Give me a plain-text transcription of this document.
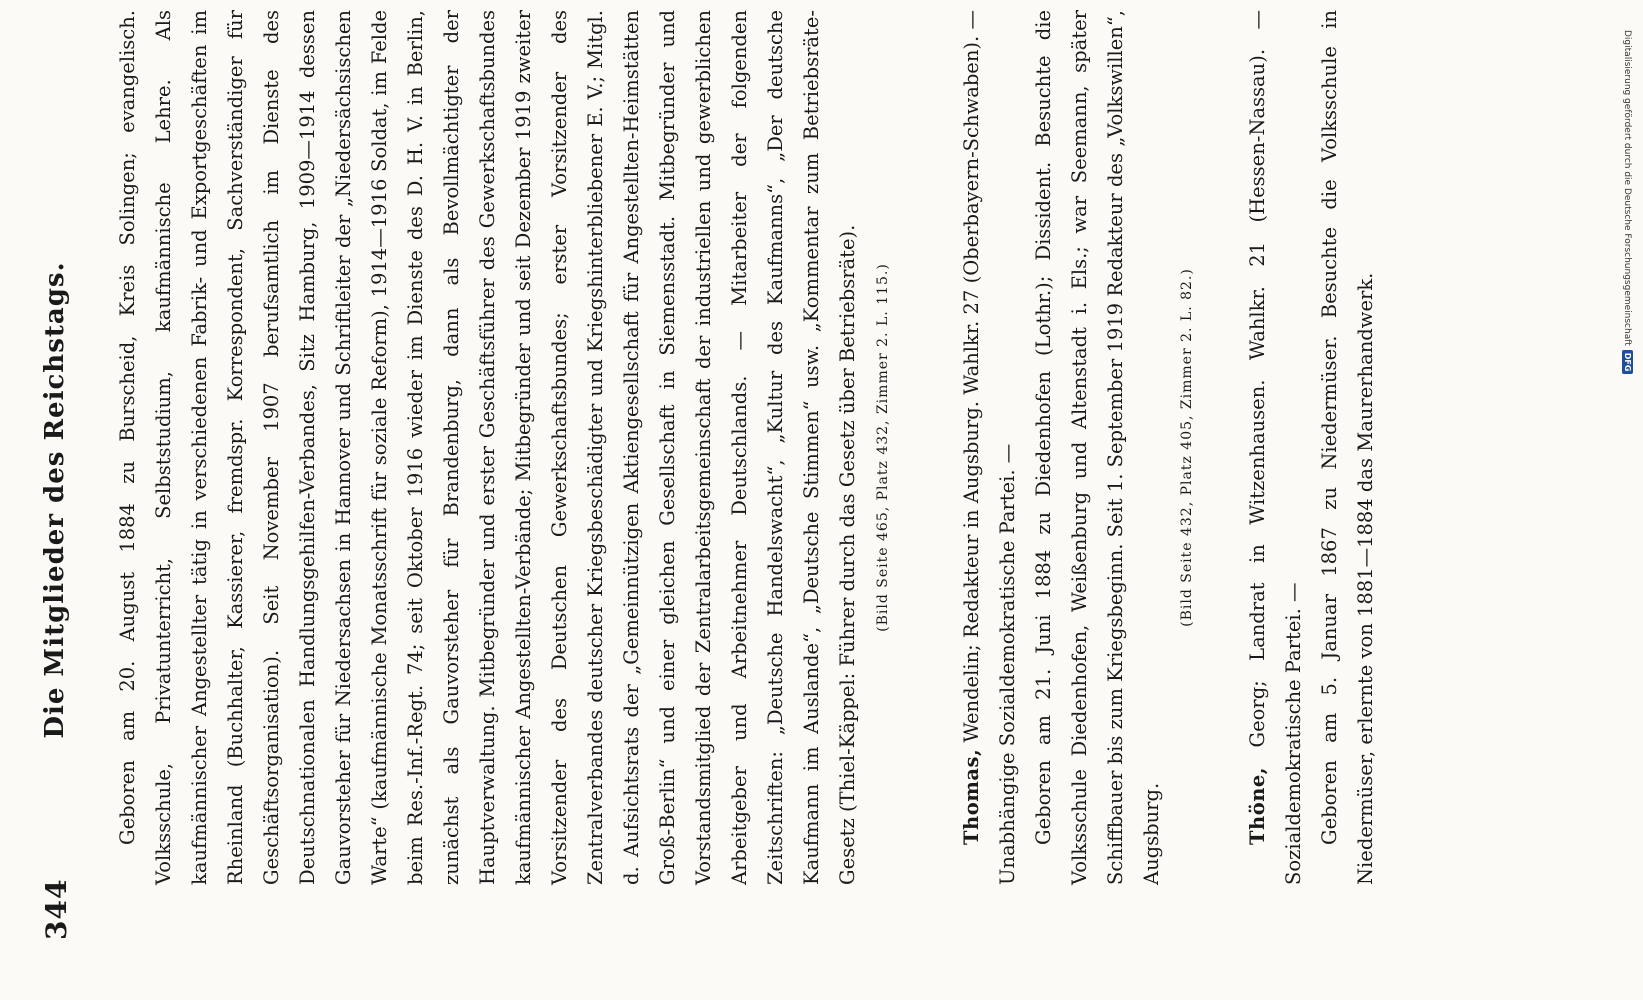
344
Die Mitglieder des Reichstags.	Geboren am 20. August 1884 zu Burscheid, Kreis Solingen; evangelisch. Volksschule, Privatunterricht, Selbststudium, kaufmännische Lehre. Als kaufmännischer Angestellter tätig in verschiedenen Fabrik- und Exportgeschäften im Rheinland (Buchhalter, Kassierer, fremdspr. Korrespondent, Sachverständiger für Geschäftsorganisation). Seit November 1907 berufsamtlich im Dienste des Deutschnationalen Handlungsgehilfen-Verbandes, Sitz Hamburg, 1909—1914 dessen Gauvorsteher für Niedersachsen in Hannover und Schriftleiter der „Niedersächsischen Warte“ (kaufmännische Monatsschrift für soziale Reform), 1914—1916 Soldat, im Felde beim Res.-Inf.-Regt. 74; seit Oktober 1916 wieder im Dienste des D. H. V. in Berlin, zunächst als Gauvorsteher für Brandenburg, dann als Bevollmächtigter der Hauptverwaltung. Mitbegründer und erster Geschäftsführer des Gewerkschaftsbundes kaufmännischer Angestellten-Verbände; Mitbegründer und seit Dezember 1919 zweiter Vorsitzender des Deutschen Gewerkschaftsbundes; erster Vorsitzender des Zentralverbandes deutscher Kriegsbeschädigter und Kriegshinterbliebener E. V.; Mitgl. d. Aufsichtsrats der „Gemeinnützigen Aktiengesellschaft für Angestellten-Heimstätten Groß-Berlin“ und einer gleichen Gesellschaft in Siemensstadt. Mitbegründer und Vorstandsmitglied der Zentralarbeitsgemeinschaft der industriellen und gewerblichen Arbeitgeber und Arbeitnehmer Deutschlands. — Mitarbeiter der folgenden Zeitschriften: „Deutsche Handelswacht“, „Kultur des Kaufmanns“, „Der deutsche Kaufmann im Auslande“, „Deutsche Stimmen“ usw. „Kommentar zum Betriebsräte-Gesetz (Thiel-Käppel: Führer durch das Gesetz über Betriebsräte).	(Bild Seite 465, Platz 432, Zimmer 2. L. 115.)

Thomas, Wendelin; Redakteur in Augsburg. Wahlkr. 27 (Oberbayern-Schwaben). — Unabhängige Sozialdemokratische Partei. — Geboren am 21. Juni 1884 zu Diedenhofen (Lothr.); Dissident. Besuchte die Volksschule Diedenhofen, Weißenburg und Altenstadt i. Els.; war Seemann, später Schiffbauer bis zum Kriegsbeginn. Seit 1. September 1919 Redakteur des „Volkswillen“, Augsburg.

(Bild Seite 432, Platz 405, Zimmer 2. L. 82.)

Thöne, Georg; Landrat in Witzenhausen. Wahlkr. 21 (Hessen-Nassau). — Sozialdemokratische Partei. — Geboren am 5. Januar 1867 zu Niedermüser. Besuchte die Volksschule in Niedermüser, erlernte von 1881—1884 das Maurerhandwerk.

Digitalisierung gefördert durch die Deutsche ForschungsgemeinschaftDFG
